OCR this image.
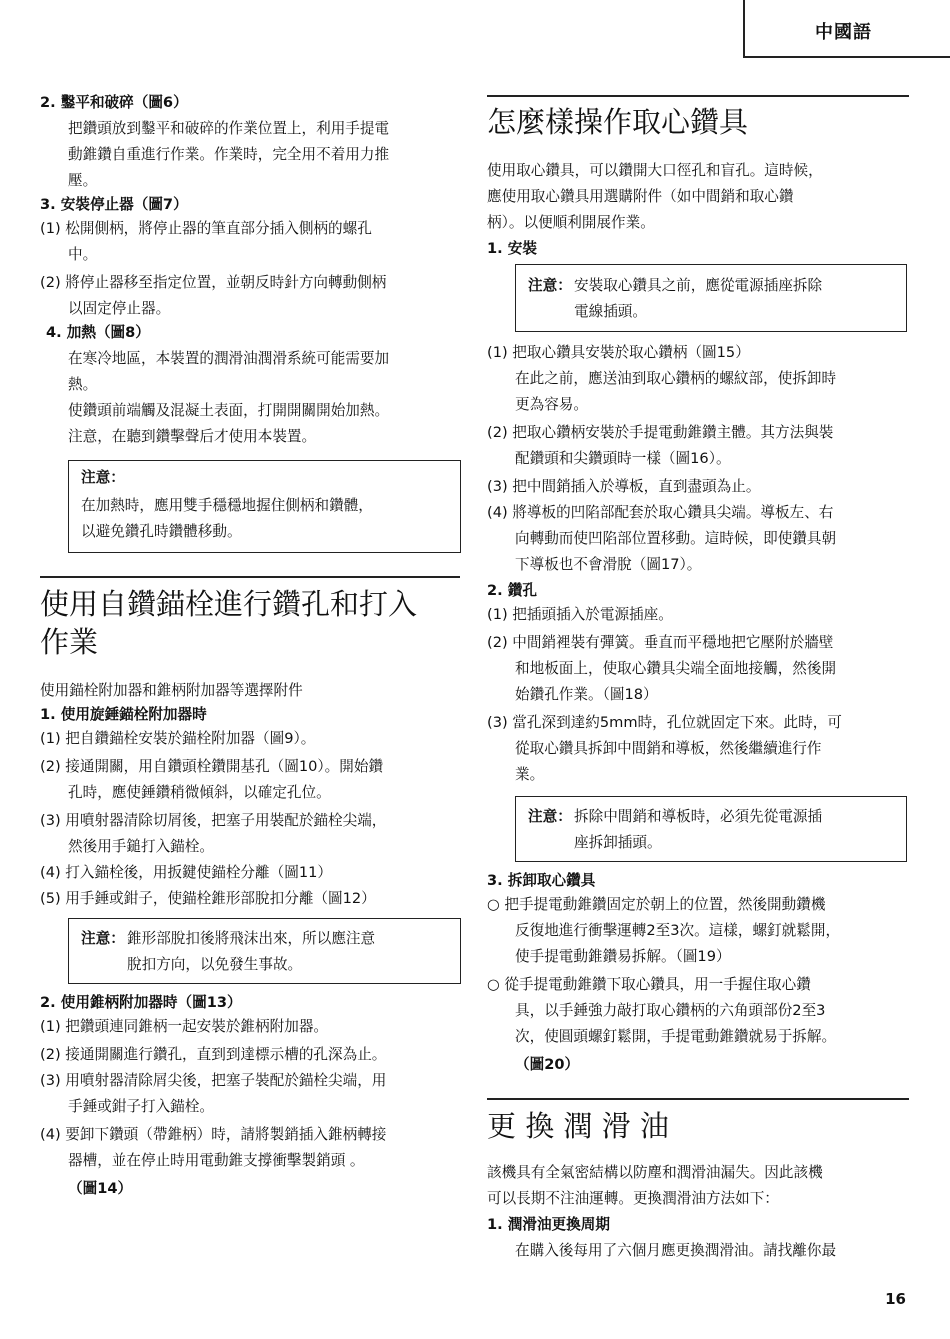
中國語
2. 鑿平和破碎（圖6）
把鑽頭放到鑿平和破碎的作業位置上，利用手提電
動錐鑽自重進行作業。作業時，完全用不着用力推
壓。
3. 安裝停止器（圖7）
(1) 松開側柄，將停止器的筆直部分插入側柄的螺孔
中。
(2) 將停止器移至指定位置，並朝反時針方向轉動側柄
以固定停止器。
4. 加熱（圖8）
在寒冷地區，本裝置的潤滑油潤滑系統可能需要加
熱。
使鑽頭前端觸及混凝土表面，打開開關開始加熱。
注意，在聽到鑽擊聲后才使用本裝置。
注意：
在加熱時，應用雙手穩穩地握住側柄和鑽體，
以避免鑽孔時鑽體移動。
使用自鑽錨栓進行鑽孔和打入
作業
使用錨栓附加器和錐柄附加器等選擇附件
1. 使用旋錘錨栓附加器時
(1) 把自鑽錨栓安裝於錨栓附加器（圖9）。
(2) 接通開關，用自鑽頭栓鑽開基孔（圖10）。開始鑽
孔時，應使錘鑽稍微傾斜，以確定孔位。
(3) 用噴射器清除切屑後，把塞子用裝配於錨栓尖端，
然後用手鎚打入錨栓。
(4) 打入錨栓後，用扳鍵使錨栓分離（圖11）
(5) 用手錘或鉗子，使錨栓錐形部脫扣分離（圖12）
注意： 錐形部脫扣後將飛沫出來，所以應注意
脫扣方向，以免發生事故。
2. 使用錐柄附加器時（圖13）
(1) 把鑽頭連同錐柄一起安裝於錐柄附加器。
(2) 接通開關進行鑽孔，直到到達標示槽的孔深為止。
(3) 用噴射器清除屑尖後，把塞子裝配於錨栓尖端，用
手錘或鉗子打入錨栓。
(4) 要卸下鑽頭（帶錐柄）時，請將製銷插入錐柄轉接
器槽，並在停止時用電動錐支撐衝擊製銷頭 。
（圖14）
怎麼樣操作取心鑽具
使用取心鑽具，可以鑽開大口徑孔和盲孔。這時候，
應使用取心鑽具用選購附件（如中間銷和取心鑽
柄）。以便順利開展作業。
1. 安裝
注意： 安裝取心鑽具之前，應從電源插座拆除
電線插頭。
(1) 把取心鑽具安裝於取心鑽柄（圖15）
在此之前，應送油到取心鑽柄的螺紋部，使拆卸時
更為容易。
(2) 把取心鑽柄安裝於手提電動錐鑽主體。其方法與裝
配鑽頭和尖鑽頭時一樣（圖16）。
(3) 把中間銷插入於導板，直到盡頭為止。
(4) 將導板的凹陷部配套於取心鑽具尖端。導板左、右
向轉動而使凹陷部位置移動。這時候，即使鑽具朝
下導板也不會滑脫（圖17）。
2. 鑽孔
(1) 把插頭插入於電源插座。
(2) 中間銷裡裝有彈簧。垂直而平穩地把它壓附於牆壁
和地板面上，使取心鑽具尖端全面地接觸，然後開
始鑽孔作業。（圖18）
(3) 當孔深到達約5mm時，孔位就固定下來。此時，可
從取心鑽具拆卸中間銷和導板，然後繼續進行作
業。
注意： 拆除中間銷和導板時，必須先從電源插
座拆卸插頭。
3. 拆卸取心鑽具
○ 把手提電動錐鑽固定於朝上的位置，然後開動鑽機
反復地進行衝擊運轉2至3次。這樣，螺釘就鬆開，
使手提電動錐鑽易拆解。（圖19）
○ 從手提電動錐鑽下取心鑽具，用一手握住取心鑽
具，以手錘強力敲打取心鑽柄的六角頭部份2至3
次，使圓頭螺釘鬆開，手提電動錐鑽就易于拆解。
（圖20）
更 換 潤 滑 油
該機具有全氣密結構以防塵和潤滑油漏失。因此該機
可以長期不注油運轉。更換潤滑油方法如下：
1. 潤滑油更換周期
在購入後每用了六個月應更換潤滑油。請找離你最
16
